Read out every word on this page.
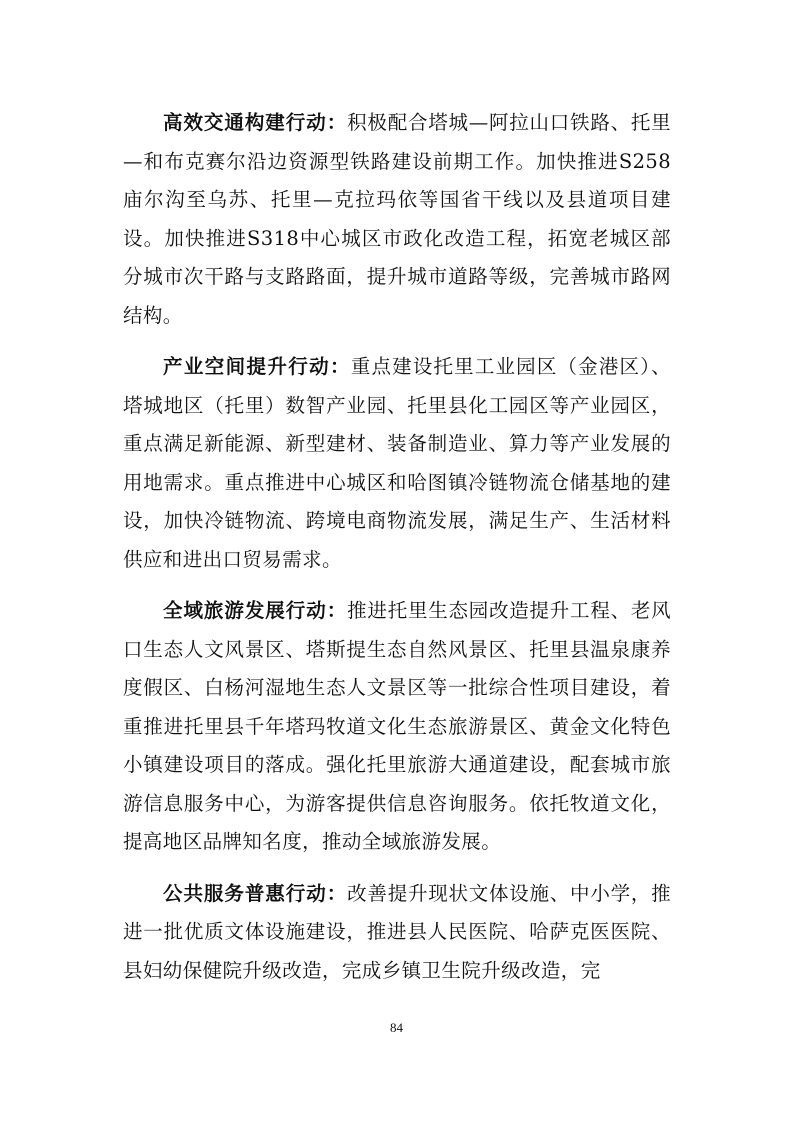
高效交通构建行动：积极配合塔城—阿拉山口铁路、托里—和布克赛尔沿边资源型铁路建设前期工作。加快推进S258庙尔沟至乌苏、托里—克拉玛依等国省干线以及县道项目建设。加快推进S318中心城区市政化改造工程，拓宽老城区部分城市次干路与支路路面，提升城市道路等级，完善城市路网结构。

产业空间提升行动：重点建设托里工业园区（金港区）、塔城地区（托里）数智产业园、托里县化工园区等产业园区，重点满足新能源、新型建材、装备制造业、算力等产业发展的用地需求。重点推进中心城区和哈图镇冷链物流仓储基地的建设，加快冷链物流、跨境电商物流发展，满足生产、生活材料供应和进出口贸易需求。

全域旅游发展行动：推进托里生态园改造提升工程、老风口生态人文风景区、塔斯提生态自然风景区、托里县温泉康养度假区、白杨河湿地生态人文景区等一批综合性项目建设，着重推进托里县千年塔玛牧道文化生态旅游景区、黄金文化特色小镇建设项目的落成。强化托里旅游大通道建设，配套城市旅游信息服务中心，为游客提供信息咨询服务。依托牧道文化，提高地区品牌知名度，推动全域旅游发展。

公共服务普惠行动：改善提升现状文体设施、中小学，推进一批优质文体设施建设，推进县人民医院、哈萨克医医院、县妇幼保健院升级改造，完成乡镇卫生院升级改造，完

84
